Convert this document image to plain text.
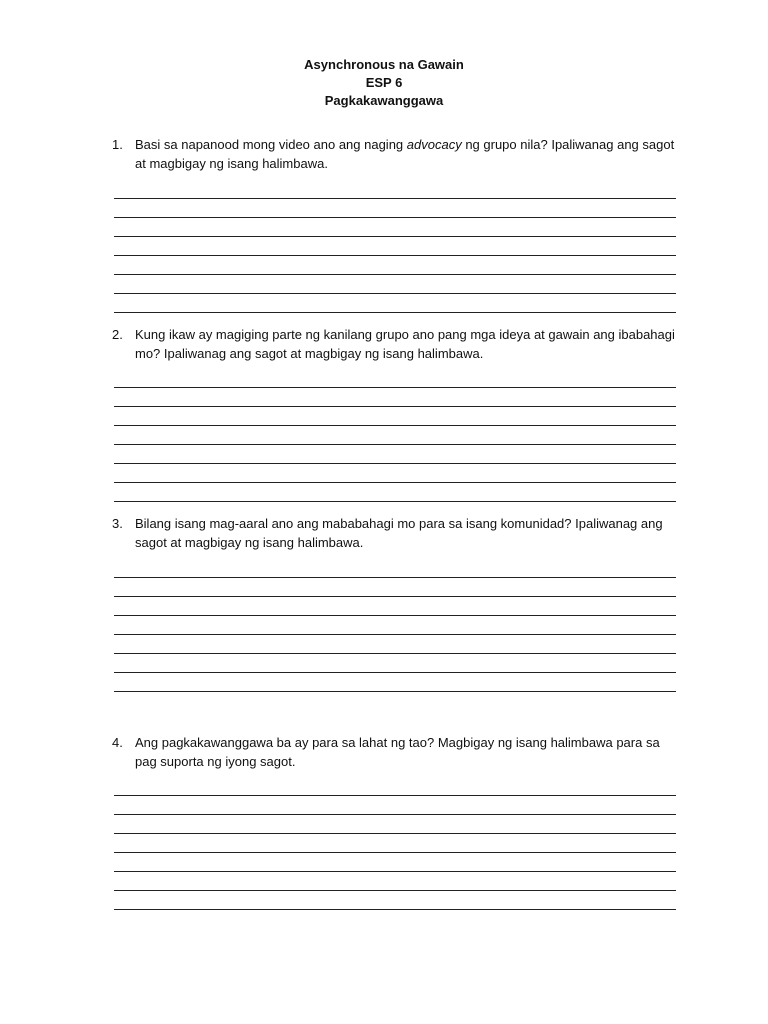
Asynchronous na Gawain
ESP 6
Pagkakawanggawa
1. Basi sa napanood mong video ano ang naging advocacy ng grupo nila? Ipaliwanag ang sagot at magbigay ng isang halimbawa.
2. Kung ikaw ay magiging parte ng kanilang grupo ano pang mga ideya at gawain ang ibabahagi mo? Ipaliwanag ang sagot at magbigay ng isang halimbawa.
3. Bilang isang mag-aaral ano ang mababahagi mo para sa isang komunidad? Ipaliwanag ang sagot at magbigay ng isang halimbawa.
4. Ang pagkakawanggawa ba ay para sa lahat ng tao? Magbigay ng isang halimbawa para sa pag suporta ng iyong sagot.
